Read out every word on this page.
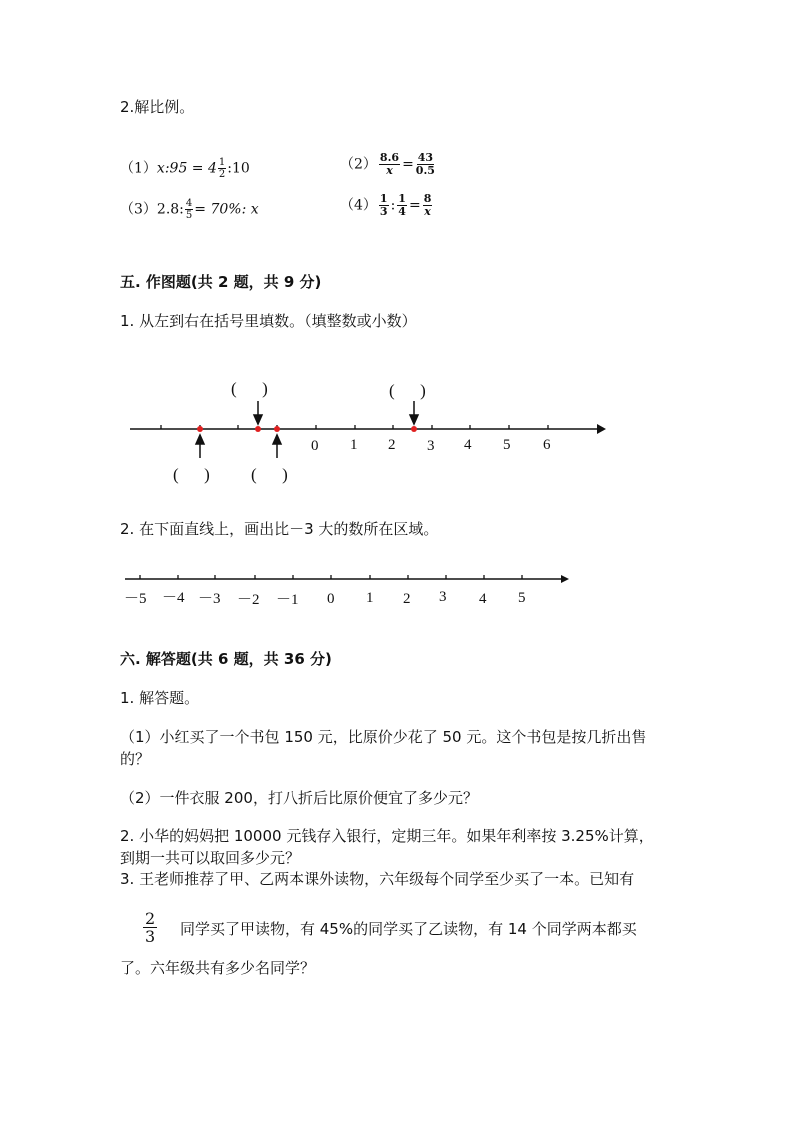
2.解比例。
（1）x:95 = $4 \frac{1}{2}$ :10	$(2) \frac{8.6}{x} = \frac{43}{0.5}$
（3）2.8: $\frac{4}{5} = 70\%$: x	$(4) \frac{1}{3}$ : $\frac{1}{4} = \frac{8}{x}$
五. 作图题(共 2 题，共 9 分)
1. 从左到右在括号里填数。（填整数或小数）
0 1 2 3 4 5 6
(      )	(      )
(      ) (      )
2. 在下面直线上，画出比－3 大的数所在区域。
－5 －4 －3 －2 －1 0 1 2 3 4 5
六. 解答题(共 6 题，共 36 分)
1. 解答题。
（1）小红买了一个书包 150 元，比原价少花了 50 元。这个书包是按几折出售
的？
（2）一件衣服 200，打八折后比原价便宜了多少元？
2. 小华的妈妈把 10000 元钱存入银行，定期三年。如果年利率按 3.25%计算，
到期一共可以取回多少元？
3. 王老师推荐了甲、乙两本课外读物，六年级每个同学至少买了一本。已知有
$\frac{2}{3}$ 同学买了甲读物，有 45%的同学买了乙读物，有 14 个同学两本都买
了。六年级共有多少名同学？
